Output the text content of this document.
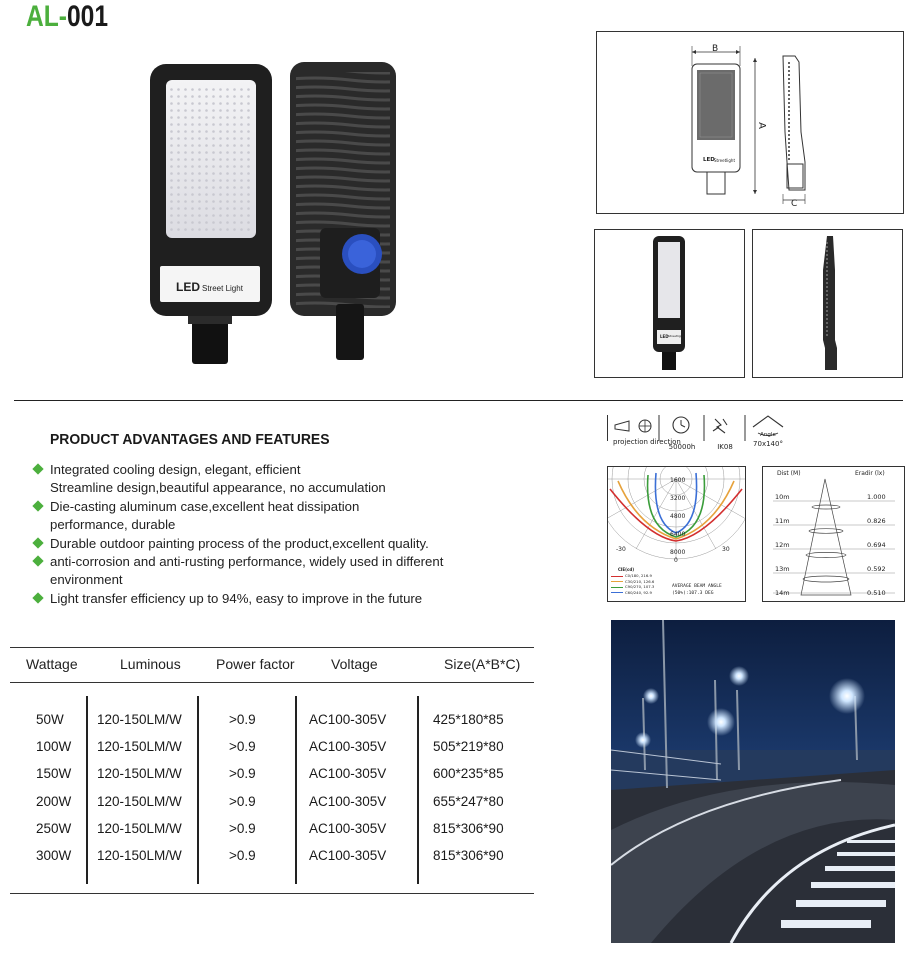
AL-001
LED Street Light
B
A
C
LED Streetlight
LED Streetlight
PRODUCT ADVANTAGES AND FEATURES
Integrated cooling design, elegant, efficient
Streamline design,beautiful appearance, no accumulation
Die-casting aluminum case,excellent heat dissipation
performance, durable
Durable outdoor painting process of the product,excellent quality.
anti-corrosion and anti-rusting performance, widely used in different
environment
Light transfer efficiency up to 94%, easy to improve in the future
Wattage	Luminous	Power factor	Voltage	Size(A*B*C)
50W 120-150LM/W	>0.9	AC100-305V	425*180*85
100W 120-150LM/W	>0.9	AC100-305V	505*219*80
150W 120-150LM/W	>0.9	AC100-305V	600*235*85
200W 120-150LM/W	>0.9	AC100-305V	655*247*80
250W 120-150LM/W	>0.9	AC100-305V	815*306*90
300W 120-150LM/W	>0.9	AC100-305V	815*306*90
projection direction
50000h	IK08
Angle
70x140°
1600
3200
4800
6400
8000
-30	30
0
CIE(cd)
C0/180, 216.9
C30/210, 126.6
C90/270, 107.3
C60/240, 92.9
AVERAGE BEAM ANGLE
(50%):107.3 DEG
Dist (M)	Eradir (lx)
10m	1.000
11m	0.826
12m	0.694
13m	0.592
14m	0.510
